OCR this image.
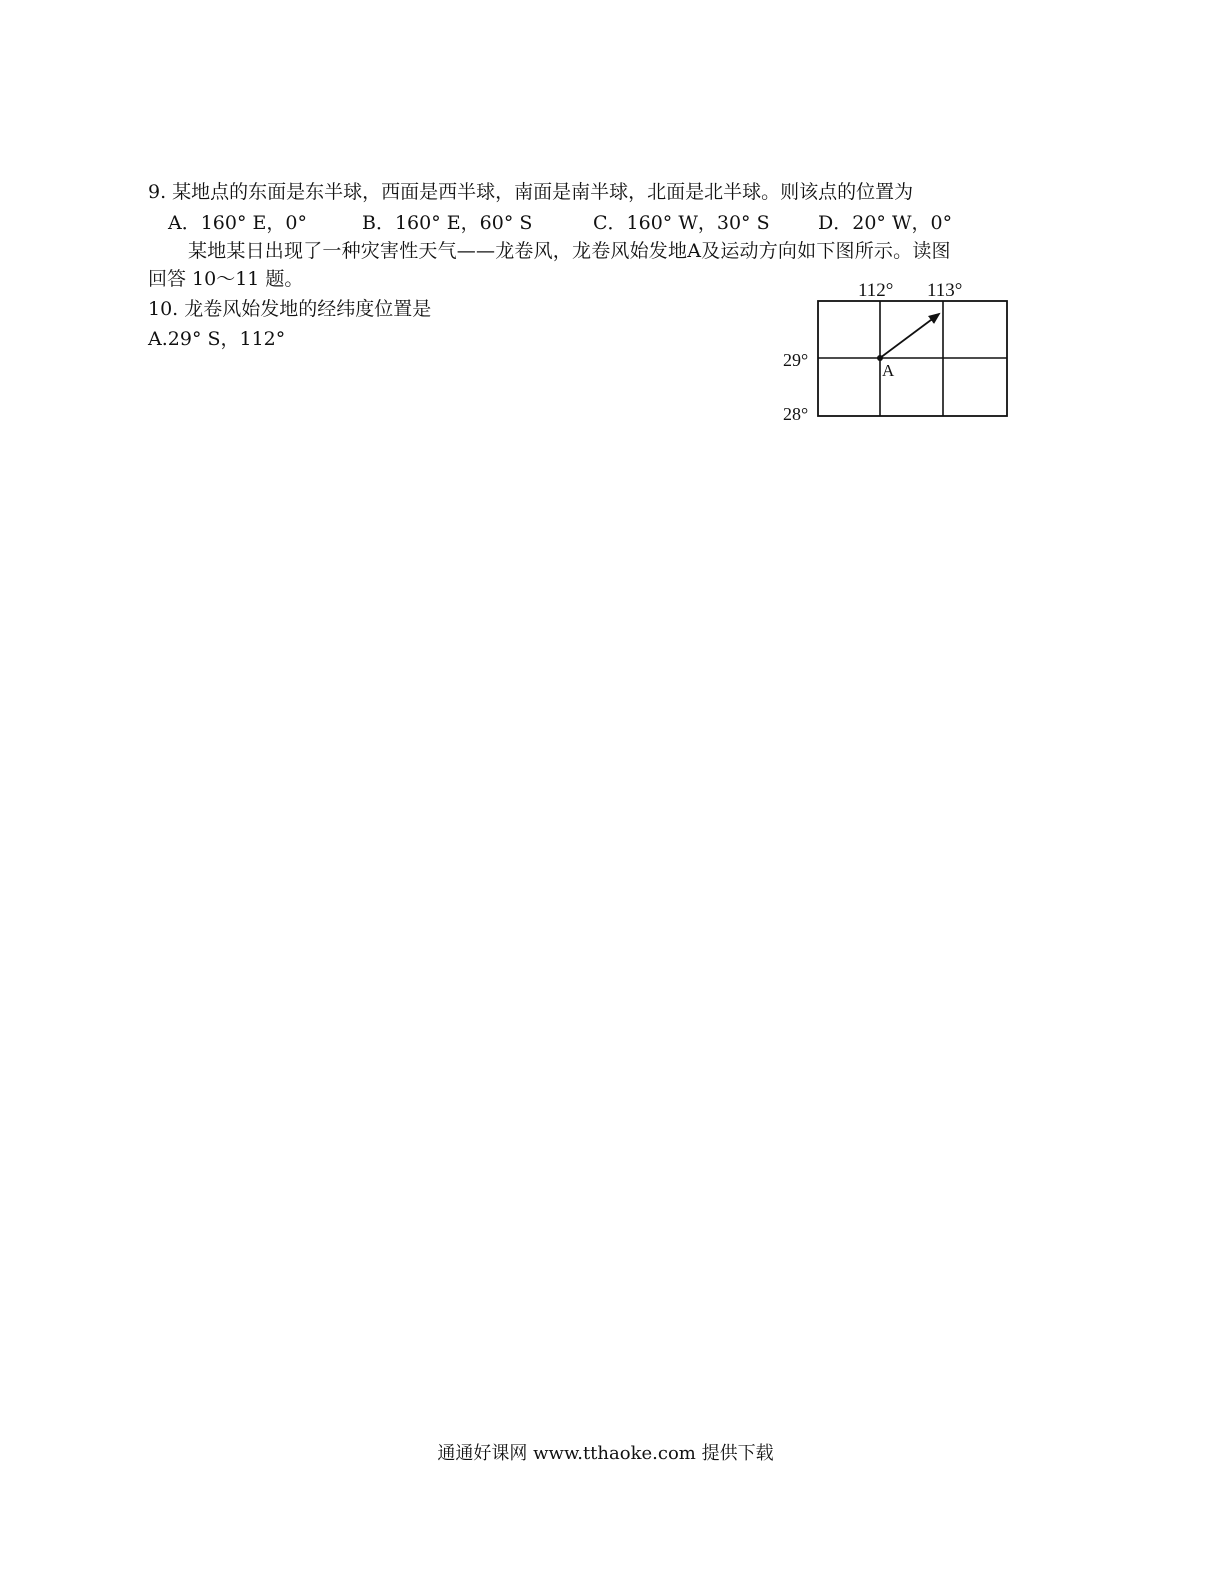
9. 某地点的东面是东半球，西面是西半球，南面是南半球，北面是北半球。则该点的位置为
A．160° E，0°	B．160° E，60° S	C．160° W，30° S	D．20° W，0°
某地某日出现了一种灾害性天气——龙卷风，龙卷风始发地A及运动方向如下图所示。读图
回答 10～11 题。
10. 龙卷风始发地的经纬度位置是
A.29° S，112°
112° 113°
29°
28°
A
通通好课网 www.tthaoke.com 提供下载
